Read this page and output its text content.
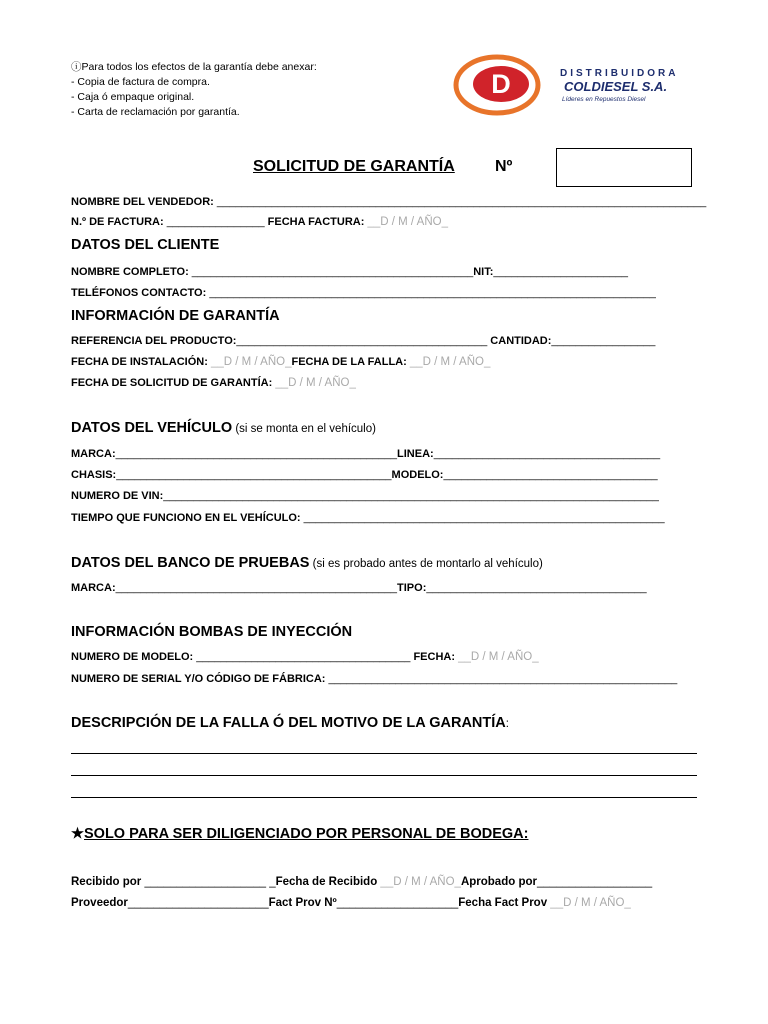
ⓘPara todos los efectos de la garantía debe anexar:
- Copia de factura de compra.
- Caja ó empaque original.
- Carta de reclamación por garantía.
D	DISTRIBUIDORA
COLDIESEL S.A.
Líderes en Repuestos Diesel
SOLICITUD DE GARANTÍA	Nº
NOMBRE DEL VENDEDOR: ________________________________________________________________________________
N.º DE FACTURA: ________________ FECHA FACTURA: __D / M / AÑO_
DATOS DEL CLIENTE
NOMBRE COMPLETO: ______________________________________________NIT:______________________
TELÉFONOS CONTACTO: _________________________________________________________________________
INFORMACIÓN DE GARANTÍA
REFERENCIA DEL PRODUCTO:_________________________________________ CANTIDAD:_________________
FECHA DE INSTALACIÓN: __D / M / AÑO_FECHA DE LA FALLA: __D / M / AÑO_
FECHA DE SOLICITUD DE GARANTÍA: __D / M / AÑO_
DATOS DEL VEHÍCULO (si se monta en el vehículo)
MARCA:______________________________________________LINEA:_____________________________________
CHASIS:_____________________________________________MODELO:___________________________________
NUMERO DE VIN:_________________________________________________________________________________
TIEMPO QUE FUNCIONO EN EL VEHÍCULO: ___________________________________________________________
DATOS DEL BANCO DE PRUEBAS (si es probado antes de montarlo al vehículo)
MARCA:______________________________________________TIPO:____________________________________
INFORMACIÓN BOMBAS DE INYECCIÓN
NUMERO DE MODELO: ___________________________________ FECHA: __D / M / AÑO_
NUMERO DE SERIAL Y/O CÓDIGO DE FÁBRICA: _________________________________________________________
DESCRIPCIÓN DE LA FALLA Ó DEL MOTIVO DE LA GARANTÍA:
★SOLO PARA SER DILIGENCIADO POR PERSONAL DE BODEGA:
Recibido por ___________________ _Fecha de Recibido __D / M / AÑO_Aprobado por__________________
Proveedor______________________Fact Prov Nº___________________Fecha Fact Prov __D / M / AÑO_
